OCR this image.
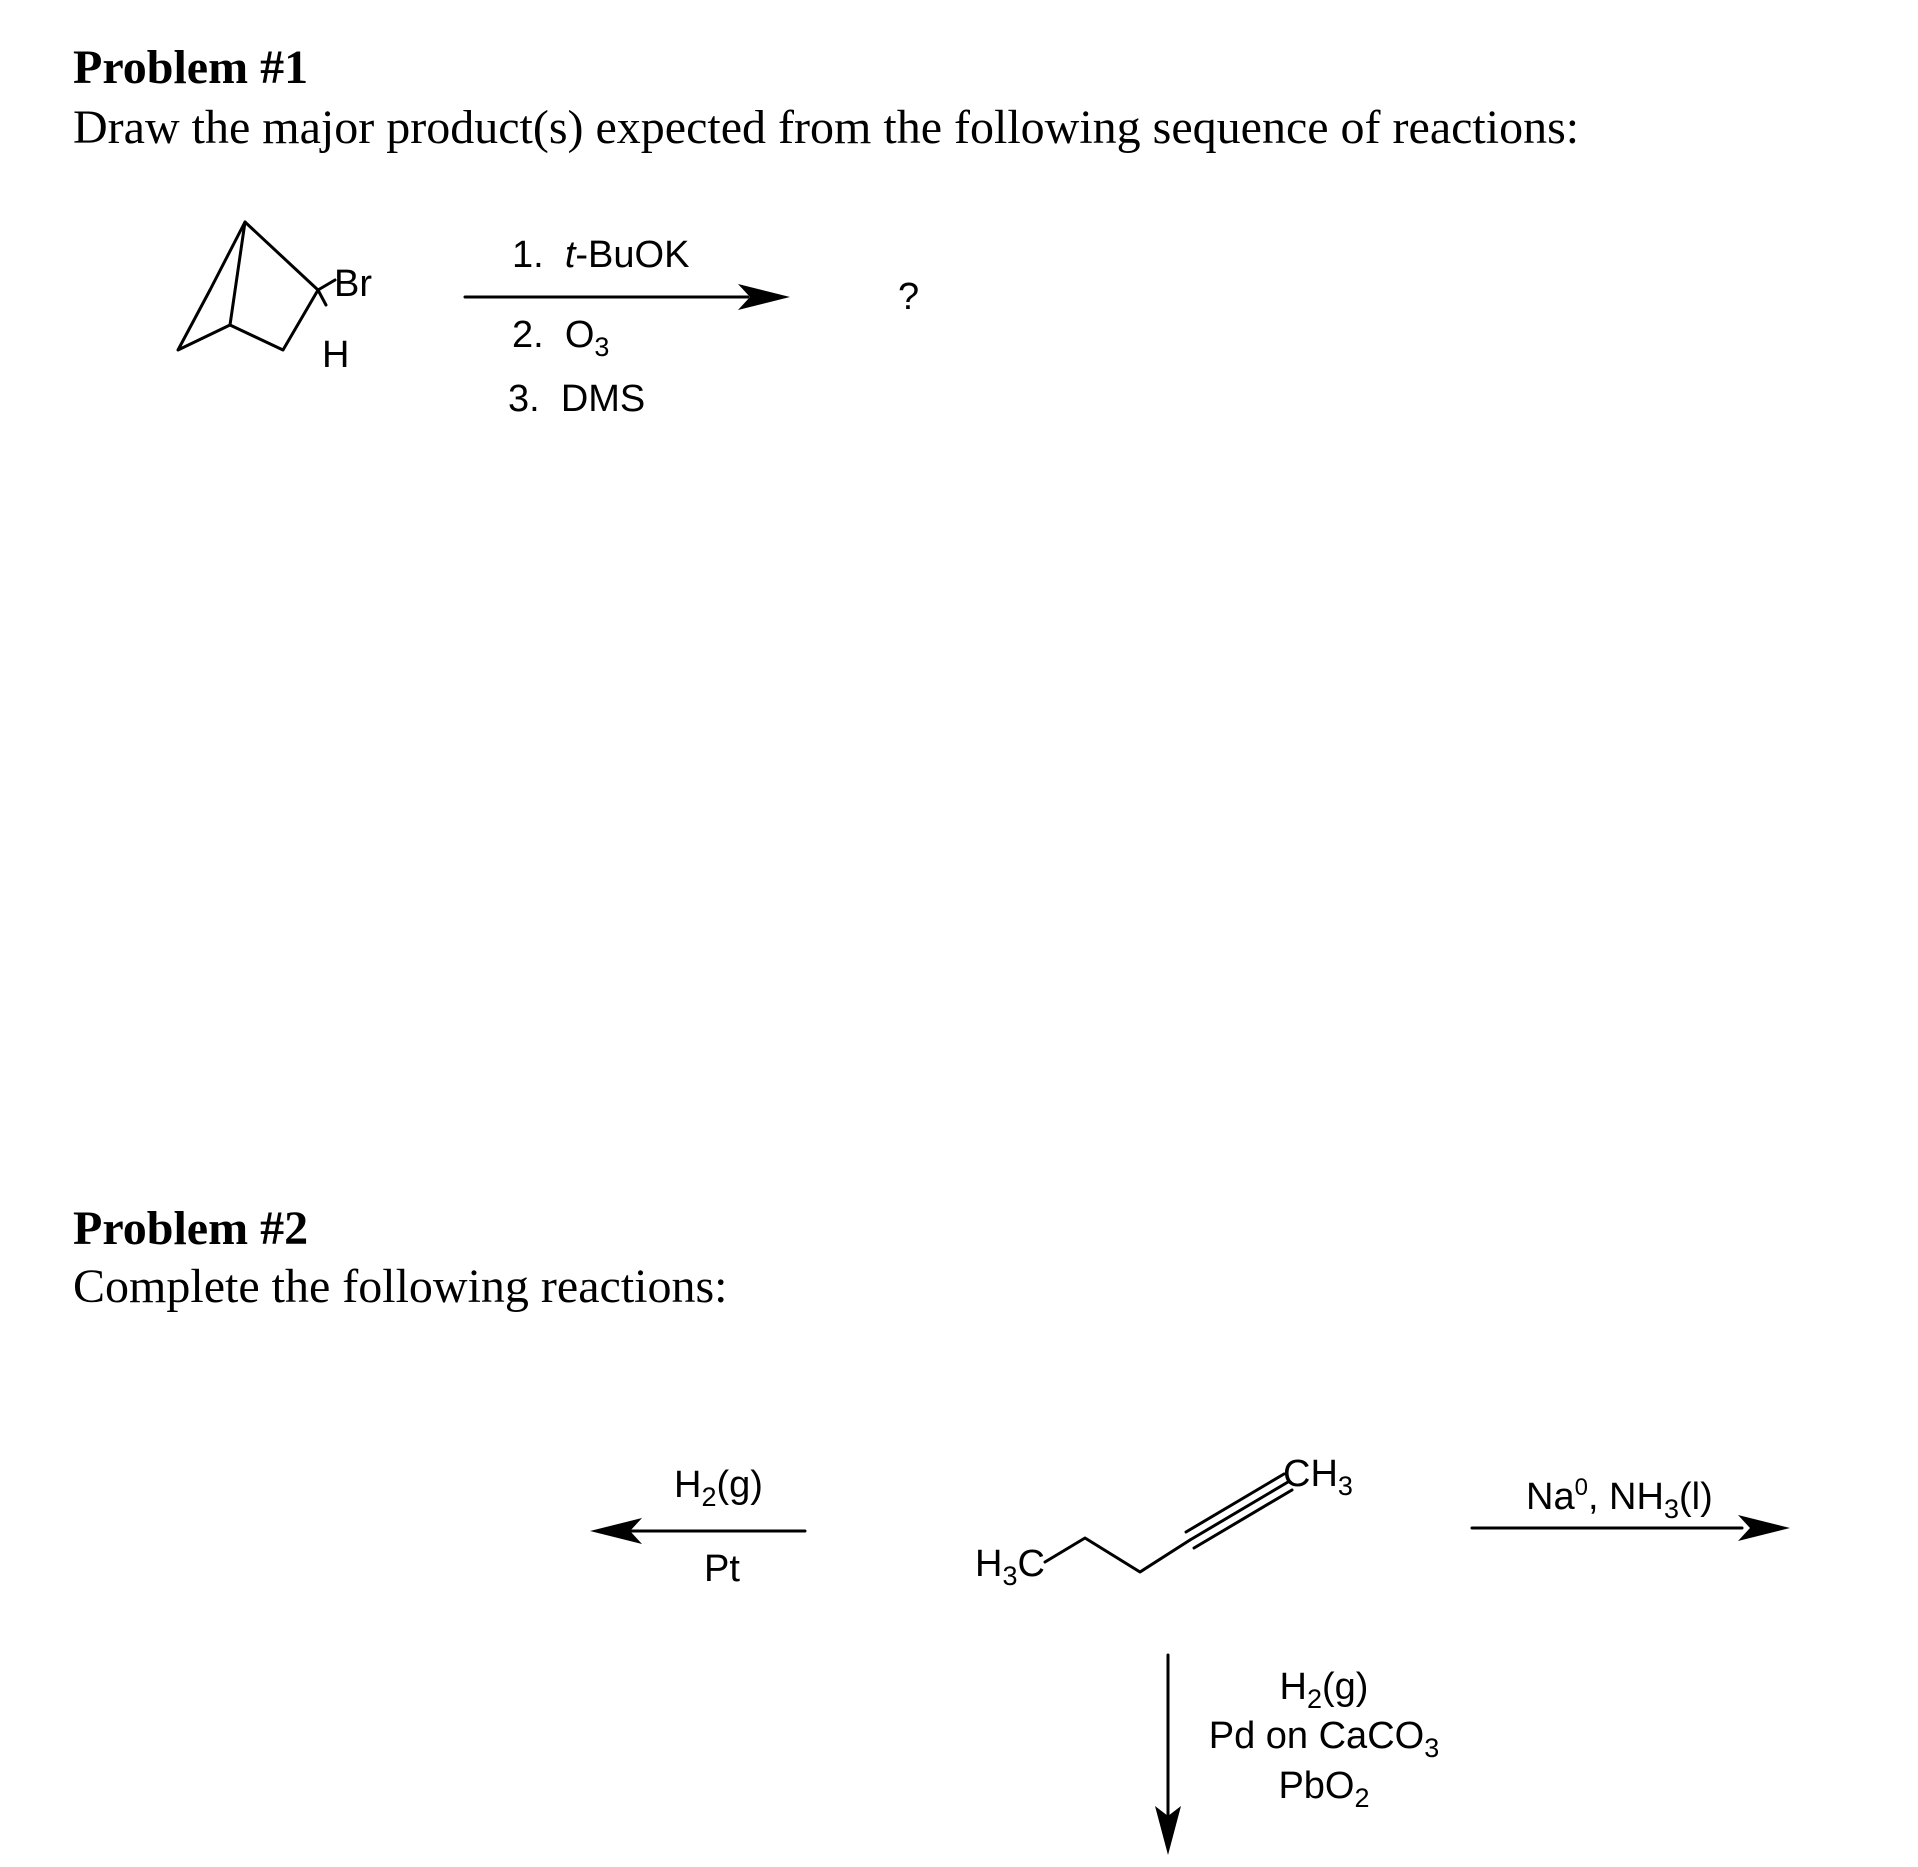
Problem #1
Draw the major product(s) expected from the following sequence of reactions:
Br
H
1. t-BuOK
2. $O_3$
3. DMS
?
Problem #2
Complete the following reactions:
$H_3C$
$CH_3$
$H_2(g)$
Pt
Na$^0$, $NH_3(l)$
$H_2(g)$
Pd on CaCO$_3$
PbO$_2$
